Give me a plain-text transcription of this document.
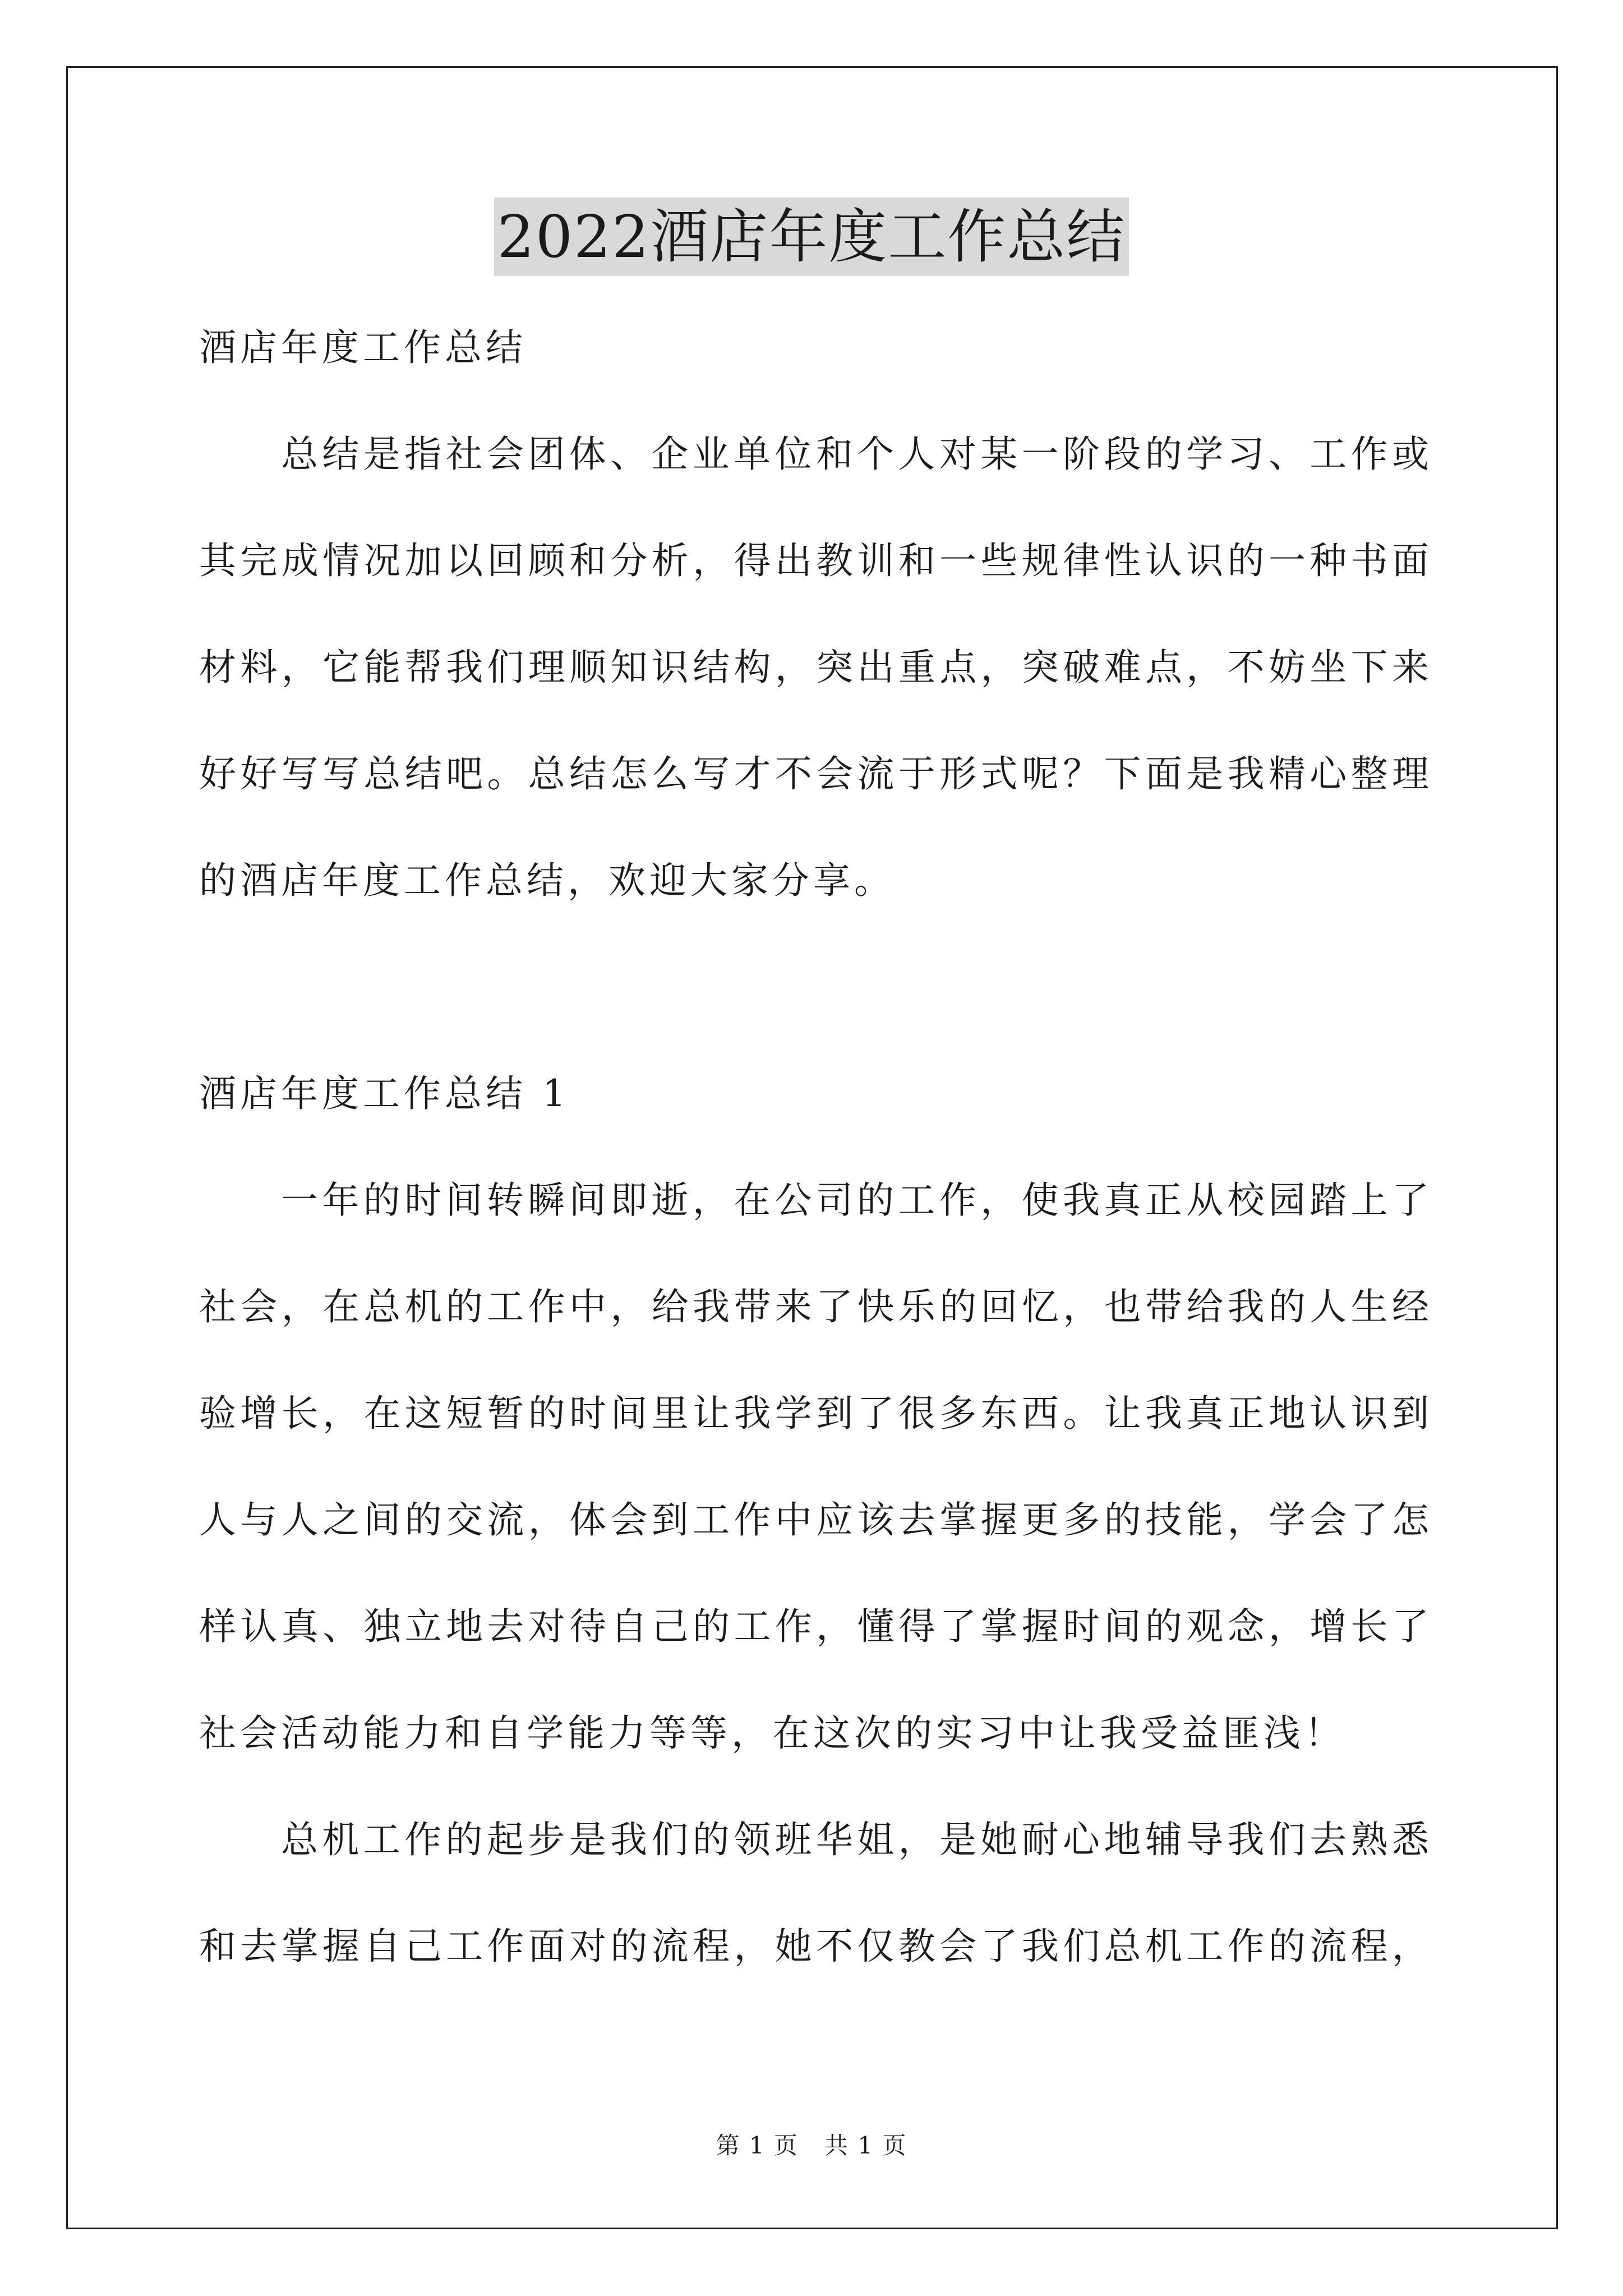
2022酒店年度工作总结

酒店年度工作总结

总结是指社会团体、企业单位和个人对某一阶段的学习、工作或

其完成情况加以回顾和分析，得出教训和一些规律性认识的一种书面

材料，它能帮我们理顺知识结构，突出重点，突破难点，不妨坐下来

好好写写总结吧。总结怎么写才不会流于形式呢？下面是我精心整理

的酒店年度工作总结，欢迎大家分享。

酒店年度工作总结 1

一年的时间转瞬间即逝，在公司的工作，使我真正从校园踏上了

社会，在总机的工作中，给我带来了快乐的回忆，也带给我的人生经

验增长，在这短暂的时间里让我学到了很多东西。让我真正地认识到

人与人之间的交流，体会到工作中应该去掌握更多的技能，学会了怎

样认真、独立地去对待自己的工作，懂得了掌握时间的观念，增长了

社会活动能力和自学能力等等，在这次的实习中让我受益匪浅！

总机工作的起步是我们的领班华姐，是她耐心地辅导我们去熟悉

和去掌握自己工作面对的流程，她不仅教会了我们总机工作的流程，

第 1 页 共 1 页
